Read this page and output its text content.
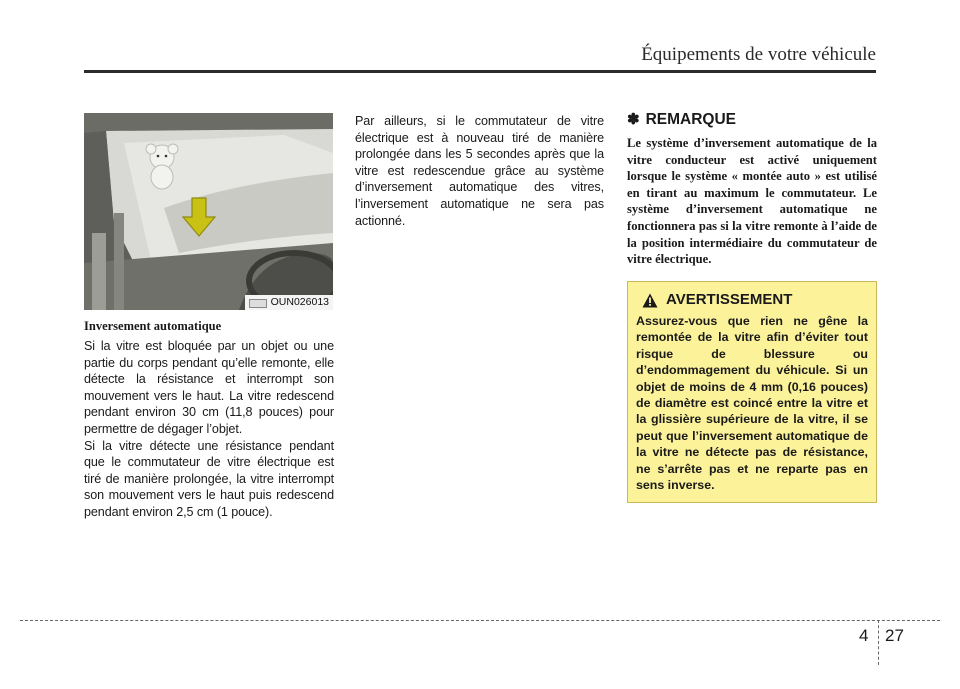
Équipements de votre véhicule
OUN026013
Inversement automatique

Si la vitre est bloquée par un objet ou une partie du corps pendant qu’elle remonte, elle détecte la résistance et interrompt son mouvement vers le haut. La vitre redescend pendant environ 30 cm (11,8 pouces) pour permettre de dégager l’objet.

Si la vitre détecte une résistance pendant que le commutateur de vitre électrique est tiré de manière prolongée, la vitre interrompt son mouvement vers le haut puis redescend pendant environ 2,5 cm (1 pouce).

Par ailleurs, si le commutateur de vitre électrique est à nouveau tiré de manière prolongée dans les 5 secondes après que la vitre est redescendue grâce au système d’inversement automatique des vitres, l’inversement automatique ne sera pas actionné.

✽ REMARQUE

Le système d’inversement automatique de la vitre conducteur est activé uniquement lorsque le système « montée auto » est utilisé en tirant au maximum le commutateur. Le système d’inversement automatique ne fonctionnera pas si la vitre remonte à l’aide de la position intermédiaire du commutateur de vitre électrique.

AVERTISSEMENT

Assurez-vous que rien ne gêne la remontée de la vitre afin d’éviter tout risque de blessure ou d’endommagement du véhicule. Si un objet de moins de 4 mm (0,16 pouces) de diamètre est coincé entre la vitre et la glissière supérieure de la vitre, il se peut que l’inversement automatique de la vitre ne détecte pas de résistance, ne s’arrête pas et ne reparte pas en sens inverse.

4 27
